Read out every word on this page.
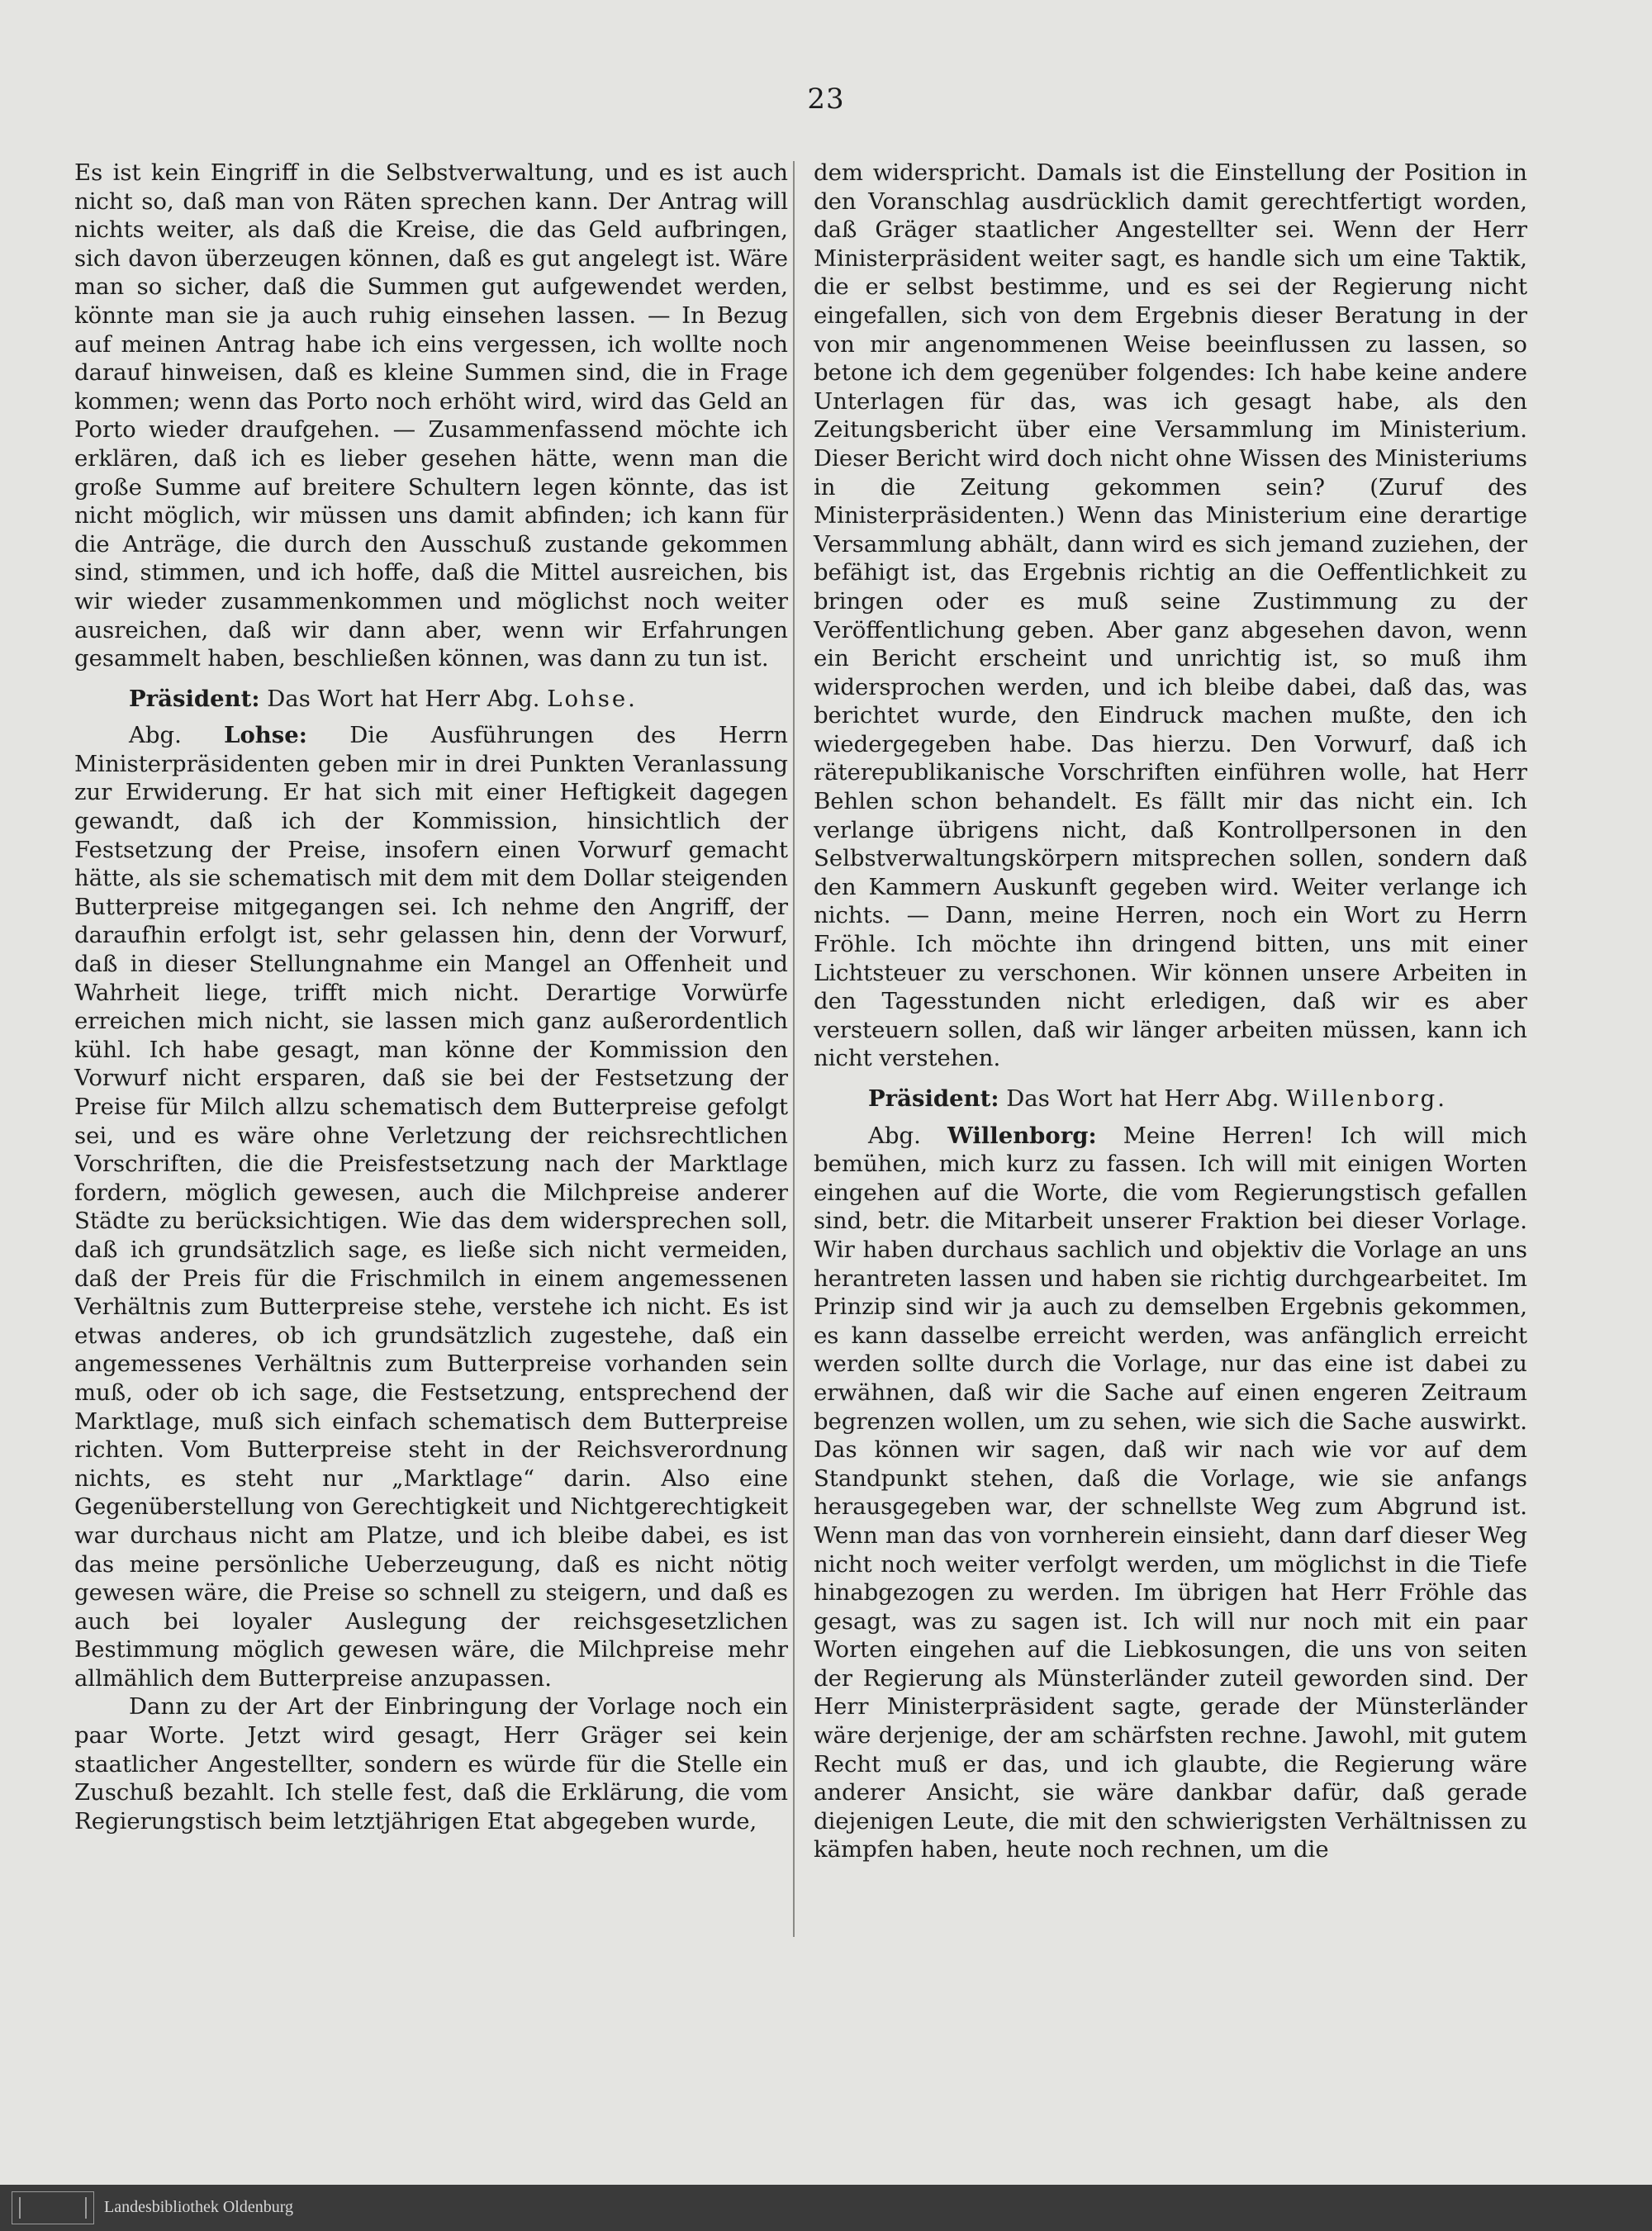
23

Es ist kein Eingriff in die Selbstverwaltung, und es ist auch nicht so, daß man von Räten sprechen kann. Der Antrag will nichts weiter, als daß die Kreise, die das Geld aufbringen, sich davon überzeugen können, daß es gut angelegt ist. Wäre man so sicher, daß die Summen gut aufgewendet werden, könnte man sie ja auch ruhig einsehen lassen. — In Bezug auf meinen Antrag habe ich eins vergessen, ich wollte noch darauf hinweisen, daß es kleine Summen sind, die in Frage kommen; wenn das Porto noch erhöht wird, wird das Geld an Porto wieder draufgehen. — Zusammenfassend möchte ich erklären, daß ich es lieber gesehen hätte, wenn man die große Summe auf breitere Schultern legen könnte, das ist nicht möglich, wir müssen uns damit abfinden; ich kann für die Anträge, die durch den Ausschuß zustande gekommen sind, stimmen, und ich hoffe, daß die Mittel ausreichen, bis wir wieder zusammenkommen und möglichst noch weiter ausreichen, daß wir dann aber, wenn wir Erfahrungen gesammelt haben, beschließen können, was dann zu tun ist.

Präsident: Das Wort hat Herr Abg. Lohse.

Abg. Lohse: Die Ausführungen des Herrn Ministerpräsidenten geben mir in drei Punkten Veranlassung zur Erwiderung. Er hat sich mit einer Heftigkeit dagegen gewandt, daß ich der Kommission, hinsichtlich der Festsetzung der Preise, insofern einen Vorwurf gemacht hätte, als sie schematisch mit dem mit dem Dollar steigenden Butterpreise mitgegangen sei. Ich nehme den Angriff, der daraufhin erfolgt ist, sehr gelassen hin, denn der Vorwurf, daß in dieser Stellungnahme ein Mangel an Offenheit und Wahrheit liege, trifft mich nicht. Derartige Vorwürfe erreichen mich nicht, sie lassen mich ganz außerordentlich kühl. Ich habe gesagt, man könne der Kommission den Vorwurf nicht ersparen, daß sie bei der Festsetzung der Preise für Milch allzu schematisch dem Butterpreise gefolgt sei, und es wäre ohne Verletzung der reichsrechtlichen Vorschriften, die die Preisfestsetzung nach der Marktlage fordern, möglich gewesen, auch die Milchpreise anderer Städte zu berücksichtigen. Wie das dem widersprechen soll, daß ich grundsätzlich sage, es ließe sich nicht vermeiden, daß der Preis für die Frischmilch in einem angemessenen Verhältnis zum Butterpreise stehe, verstehe ich nicht. Es ist etwas anderes, ob ich grundsätzlich zugestehe, daß ein angemessenes Verhältnis zum Butterpreise vorhanden sein muß, oder ob ich sage, die Festsetzung, entsprechend der Marktlage, muß sich einfach schematisch dem Butterpreise richten. Vom Butterpreise steht in der Reichsverordnung nichts, es steht nur „Marktlage“ darin. Also eine Gegenüberstellung von Gerechtigkeit und Nichtgerechtigkeit war durchaus nicht am Platze, und ich bleibe dabei, es ist das meine persönliche Ueberzeugung, daß es nicht nötig gewesen wäre, die Preise so schnell zu steigern, und daß es auch bei loyaler Auslegung der reichsgesetzlichen Bestimmung möglich gewesen wäre, die Milchpreise mehr allmählich dem Butterpreise anzupassen.

Dann zu der Art der Einbringung der Vorlage noch ein paar Worte. Jetzt wird gesagt, Herr Gräger sei kein staatlicher Angestellter, sondern es würde für die Stelle ein Zuschuß bezahlt. Ich stelle fest, daß die Erklärung, die vom Regierungstisch beim letztjährigen Etat abgegeben wurde,

dem widerspricht. Damals ist die Einstellung der Position in den Voranschlag ausdrücklich damit gerechtfertigt worden, daß Gräger staatlicher Angestellter sei. Wenn der Herr Ministerpräsident weiter sagt, es handle sich um eine Taktik, die er selbst bestimme, und es sei der Regierung nicht eingefallen, sich von dem Ergebnis dieser Beratung in der von mir angenommenen Weise beeinflussen zu lassen, so betone ich dem gegenüber folgendes: Ich habe keine andere Unterlagen für das, was ich gesagt habe, als den Zeitungsbericht über eine Versammlung im Ministerium. Dieser Bericht wird doch nicht ohne Wissen des Ministeriums in die Zeitung gekommen sein? (Zuruf des Ministerpräsidenten.) Wenn das Ministerium eine derartige Versammlung abhält, dann wird es sich jemand zuziehen, der befähigt ist, das Ergebnis richtig an die Oeffentlichkeit zu bringen oder es muß seine Zustimmung zu der Veröffentlichung geben. Aber ganz abgesehen davon, wenn ein Bericht erscheint und unrichtig ist, so muß ihm widersprochen werden, und ich bleibe dabei, daß das, was berichtet wurde, den Eindruck machen mußte, den ich wiedergegeben habe. Das hierzu. Den Vorwurf, daß ich räterepublikanische Vorschriften einführen wolle, hat Herr Behlen schon behandelt. Es fällt mir das nicht ein. Ich verlange übrigens nicht, daß Kontrollpersonen in den Selbstverwaltungskörpern mitsprechen sollen, sondern daß den Kammern Auskunft gegeben wird. Weiter verlange ich nichts. — Dann, meine Herren, noch ein Wort zu Herrn Fröhle. Ich möchte ihn dringend bitten, uns mit einer Lichtsteuer zu verschonen. Wir können unsere Arbeiten in den Tagesstunden nicht erledigen, daß wir es aber versteuern sollen, daß wir länger arbeiten müssen, kann ich nicht verstehen.

Präsident: Das Wort hat Herr Abg. Willenborg.

Abg. Willenborg: Meine Herren! Ich will mich bemühen, mich kurz zu fassen. Ich will mit einigen Worten eingehen auf die Worte, die vom Regierungstisch gefallen sind, betr. die Mitarbeit unserer Fraktion bei dieser Vorlage. Wir haben durchaus sachlich und objektiv die Vorlage an uns herantreten lassen und haben sie richtig durchgearbeitet. Im Prinzip sind wir ja auch zu demselben Ergebnis gekommen, es kann dasselbe erreicht werden, was anfänglich erreicht werden sollte durch die Vorlage, nur das eine ist dabei zu erwähnen, daß wir die Sache auf einen engeren Zeitraum begrenzen wollen, um zu sehen, wie sich die Sache auswirkt. Das können wir sagen, daß wir nach wie vor auf dem Standpunkt stehen, daß die Vorlage, wie sie anfangs herausgegeben war, der schnellste Weg zum Abgrund ist. Wenn man das von vornherein einsieht, dann darf dieser Weg nicht noch weiter verfolgt werden, um möglichst in die Tiefe hinabgezogen zu werden. Im übrigen hat Herr Fröhle das gesagt, was zu sagen ist. Ich will nur noch mit ein paar Worten eingehen auf die Liebkosungen, die uns von seiten der Regierung als Münsterländer zuteil geworden sind. Der Herr Ministerpräsident sagte, gerade der Münsterländer wäre derjenige, der am schärfsten rechne. Jawohl, mit gutem Recht muß er das, und ich glaubte, die Regierung wäre anderer Ansicht, sie wäre dankbar dafür, daß gerade diejenigen Leute, die mit den schwierigsten Verhältnissen zu kämpfen haben, heute noch rechnen, um die

Landesbibliothek Oldenburg
